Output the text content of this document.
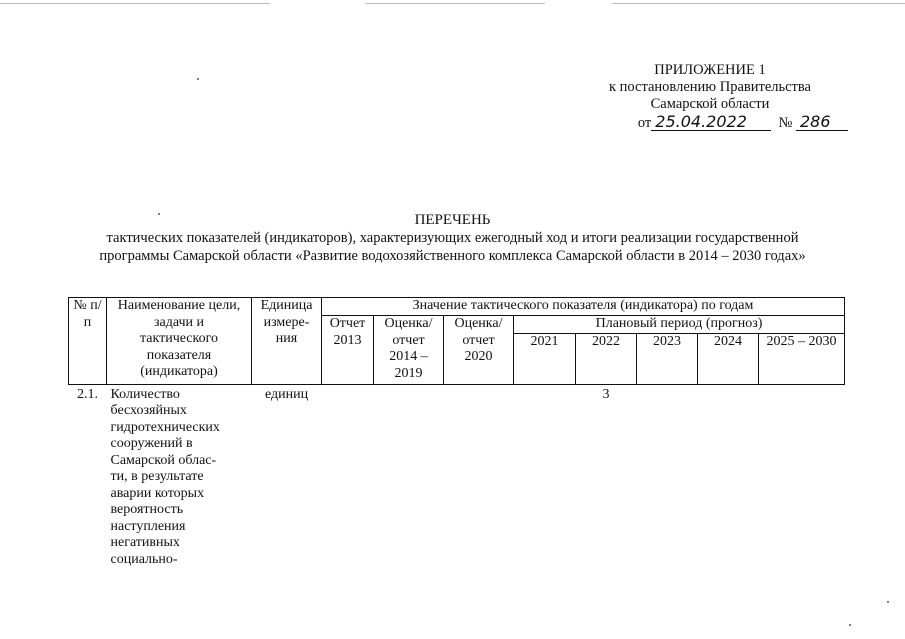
ПРИЛОЖЕНИЕ 1
к постановлению Правительства
Самарской области
от 25.04.2022 № 286
ПЕРЕЧЕНЬ
тактических показателей (индикаторов), характеризующих ежегодный ход и итоги реализации государственной
программы Самарской области «Развитие водохозяйственного комплекса Самарской области в 2014 – 2030 годах»
№ п/п	Наименование цели, задачи и тактического показателя (индикатора)	Единица измере-ния	Значение тактического показателя (индикатора) по годам							
			Отчет 2013	Оценка/ отчет 2014 – 2019	Оценка/ отчет 2020	Плановый период (прогноз)				
						2021	2022	2023	2024	2025 – 2030
2.1.	Количество бесхозяйных гидротехнических сооружений в Самарской облас-ти, в результате аварии которых вероятность наступления негативных социально-	единиц					3			
